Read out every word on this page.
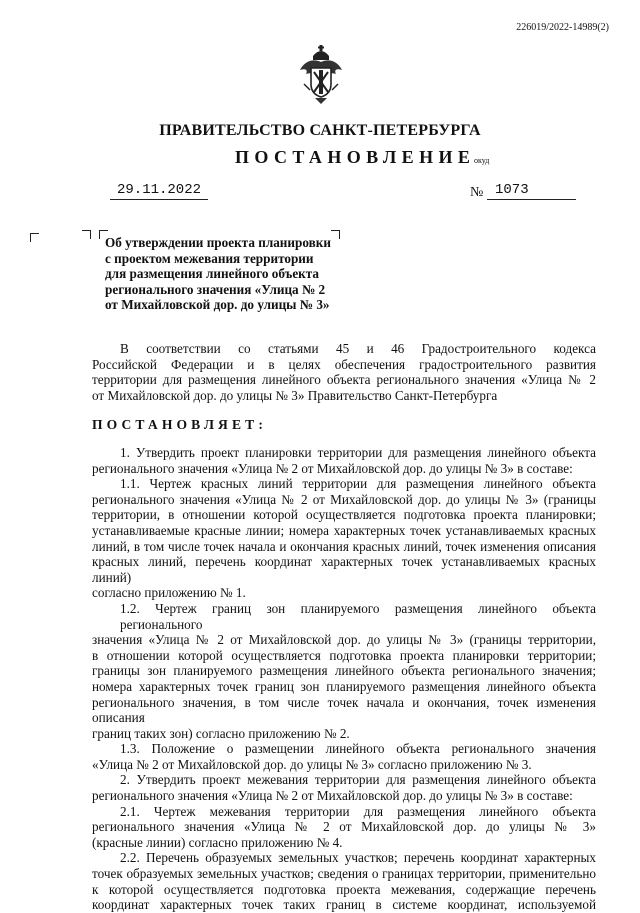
226019/2022-14989(2)
ПРАВИТЕЛЬСТВО САНКТ-ПЕТЕРБУРГА
ПОСТАНОВЛЕНИЕ
окуд
29.11.2022	№ 1073
Об утверждении проекта планировки
с проектом межевания территории
для размещения линейного объекта
регионального значения «Улица № 2
от Михайловской дор. до улицы № 3»
В соответствии со статьями 45 и 46 Градостроительного кодекса
Российской Федерации и в целях обеспечения градостроительного развития
территории для размещения линейного объекта регионального значения «Улица № 2
от Михайловской дор. до улицы № 3» Правительство Санкт-Петербурга
ПОСТАНОВЛЯЕТ:
1. Утвердить проект планировки территории для размещения линейного объекта
регионального значения «Улица № 2 от Михайловской дор. до улицы № 3» в составе:
1.1. Чертеж красных линий территории для размещения линейного объекта
регионального значения «Улица № 2 от Михайловской дор. до улицы № 3» (границы
территории, в отношении которой осуществляется подготовка проекта планировки;
устанавливаемые красные линии; номера характерных точек устанавливаемых красных
линий, в том числе точек начала и окончания красных линий, точек изменения описания
красных линий, перечень координат характерных точек устанавливаемых красных линий)
согласно приложению № 1.
1.2. Чертеж границ зон планируемого размещения линейного объекта регионального
значения «Улица № 2 от Михайловской дор. до улицы № 3» (границы территории,
в отношении которой осуществляется подготовка проекта планировки территории;
границы зон планируемого размещения линейного объекта регионального значения;
номера характерных точек границ зон планируемого размещения линейного объекта
регионального значения, в том числе точек начала и окончания, точек изменения описания
границ таких зон) согласно приложению № 2.
1.3. Положение о размещении линейного объекта регионального значения
«Улица № 2 от Михайловской дор. до улицы № 3» согласно приложению № 3.
2. Утвердить проект межевания территории для размещения линейного объекта
регионального значения «Улица № 2 от Михайловской дор. до улицы № 3» в составе:
2.1. Чертеж межевания территории для размещения линейного объекта
регионального значения «Улица № 2 от Михайловской дор. до улицы № 3»
(красные линии) согласно приложению № 4.
2.2. Перечень образуемых земельных участков; перечень координат характерных
точек образуемых земельных участков; сведения о границах территории, применительно
к которой осуществляется подготовка проекта межевания, содержащие перечень
координат характерных точек таких границ в системе координат, используемой
